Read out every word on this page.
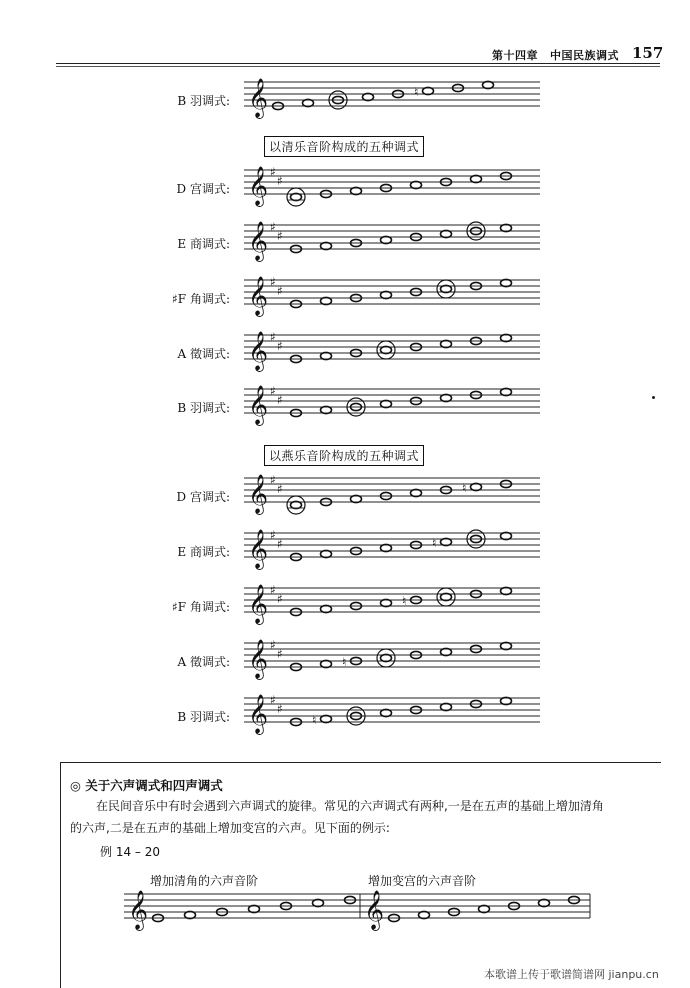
第十四章 中国民族调式 157
B 羽调式:
以清乐音阶构成的五种调式
D 宫调式:
E 商调式:
♯F 角调式:
A 徵调式:
B 羽调式:
以燕乐音阶构成的五种调式
D 宫调式:
E 商调式:
♯F 角调式:
A 徵调式:
B 羽调式:
𝄞	♮
𝄞 ♯
♯
𝄞 ♯
♯
𝄞 ♯
♯
𝄞 ♯
♯
𝄞 ♯
♯
𝄞 ♯
♯	♮
𝄞 ♯
♯	♮
𝄞 ♯
♯	♮
𝄞 ♯
♯
♮
𝄞 ♯
♯
♮
𝄞	𝄞
◎ 关于六声调式和四声调式
在民间音乐中有时会遇到六声调式的旋律。常见的六声调式有两种,一是在五声的基础上增加清角
的六声,二是在五声的基础上增加变宫的六声。见下面的例示:
例 14 – 20
增加清角的六声音阶	增加变宫的六声音阶
本歌谱上传于歌谱简谱网 jianpu.cn
